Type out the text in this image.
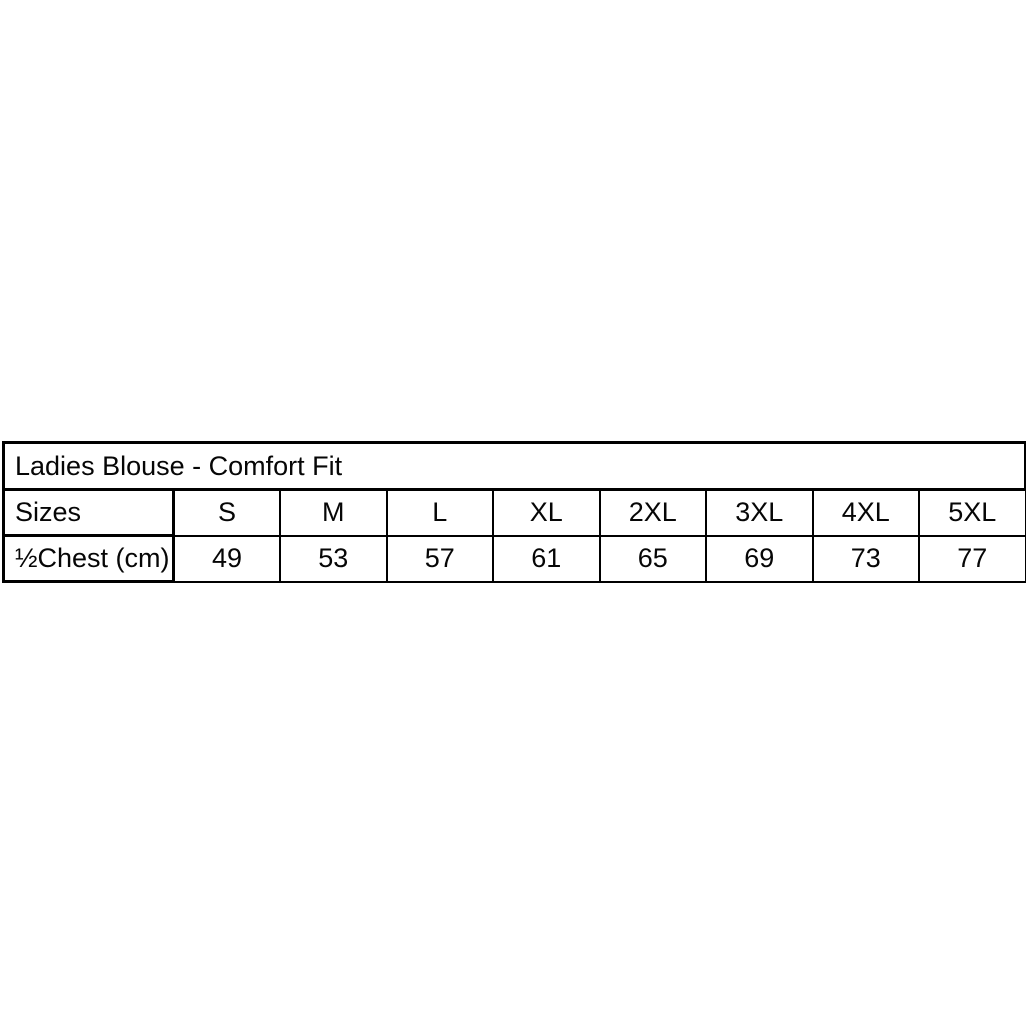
Ladies Blouse - Comfort Fit								
Sizes	S	M	L	XL	2XL	3XL	4XL	5XL
½Chest (cm)	49	53	57	61	65	69	73	77
